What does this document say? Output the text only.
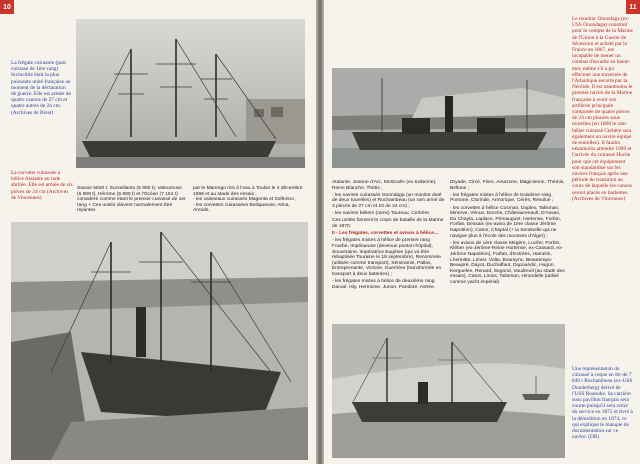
10
La frégate cuirassée (puis cuirassé de 1ère rang) Invincible était la plus puissante unité française au moment de la déclaration de guerre. Elle est armée de quatre canons de 27 cm et quatre autres de 24 cm. (Archives de Brest)
La corvette cuirassée à hélice Atalante en rade abritée. Elle est armée de six pièces de 24 cm (Archives de Vincennes)
Savoie 5830 t, Surveillante (5 900 t), Valeureuse (5 909 t), Héroïne (5 890 t) et l'Océan (7 164 t) considéré comme étant le premier cuirassé de 1er rang + Ces unités doivent normalement être rejointes
par le Marengo mis à l'eau à Toulon le 4 décembre 1869 et au stade des essais ;
- les vaisseaux cuirassés Magenta et Solferino ;
- les corvettes cuirassées Belliqueuse, Alma, Armide,
11
Le monitor Onondaga (ex-USS Onondaga) construit pour le compte de la Marine de l'Union à la Guerre de Sécession et acheté par la France en 1867, est incapable de mener un combat d'escadre en haute-mer, même s'il a pu effectuer une traversée de l'Atlantique escorté par la Néréide. Il est néanmoins le premier navire de la Marine française à avoir son artillerie principale composée de quatre pièces de 24 cm placées sous tourelles (en 1868 le ram bélier cuirassé Cerbère sera également un navire équipé de tourelles). Il faudra néanmoins attendre 1890 et l'arrivée du cuirassé Hoche pour que cet équipement soit standardisé sur les navires français après une période de transition au cours de laquelle les canons seront placés en barbettes. (Archives de Vincennes)

Atalante, Jeanne d'Arc, Montcalm (ex-Indienne), Reine Blanche, Thétis ;

- les navires cuirassés Onondaga (un monitor doté de deux tourelles) et Rochambeau (un ram armé de 3 pièces de 27 cm et 10 de 24 cm) ;

- les navires béliers (rams) Taureau, Cerbère.

Ces unités forment le corps de bataille de la Marine de 1870.

II - Les frégates, corvettes et avisos à hélice…

- les frégates mixtes à hélice de premier rang Fourbe, Impétueuse (devenue ponton-hôpital), Souveraine, Impératrice Eugénie (qui va être rebaptisée Touraine le 18 septembre), Renommée (utilisée comme transport), Sémiramis, Pallas, Entreprenante, Victoire, Guerrière (transformée en transport à deux batteries) ;

- les frégates mixtes à hélice de deuxième rang Danaé, Isly, Hermione, Junon, Pandore, Astrée,

Dryade, Circé, Flore, Amazone, Magicienne, Thémis, Bellone ;

- les frégates mixtes à hélice de troisième rang Pomone, Clorinde, Armorique, Cérès, Résolue ;

- les corvettes à hélice Cosmao, Duplex, Talisman, Minerve, Vénus, Decrès, Châteaurenault, D'Assas, Du Chayla, Laplace, Primauguet, Hortense, Forbin, Forfait, Dessaix (ex-aviso de 1ère classe Jérôme Napoléon), Caton, Chaptal (+ la Sentinelle qui ne navigue plus à l'école des mousses d'Alger) ;

- les avisos de 1ère classe Mégère, Lucifer, Forbin, Kléber (ex-Jérôme-Reine Hortense, ex-Cassard, ex-Jérôme Napoléon), Forfait, d'Estrées, Hamelin, Lhermitte, Limier, Volta, Bouraync, Beautemps-Beaupré, Dayot, Duchaffaut, Dupouédic, Hugon, Kerguelen, Renard, Segond, Vaudreuil (au stade des essais), Caton, Linois, Talisman, Hirondelle (utilisé comme yacht impérial)

Une représentation du cuirassé à coque en fer de 7 840 t Rochambeau (ex-USS Dunderberg) dérivé de l'USS Roanoke. Sa carrière sous pavillon français sera courte puisqu'il sera retiré du service en 1872 et livré à la démolition en 1874, ce qui explique le manque de documentation sur ce navire. (DR)
